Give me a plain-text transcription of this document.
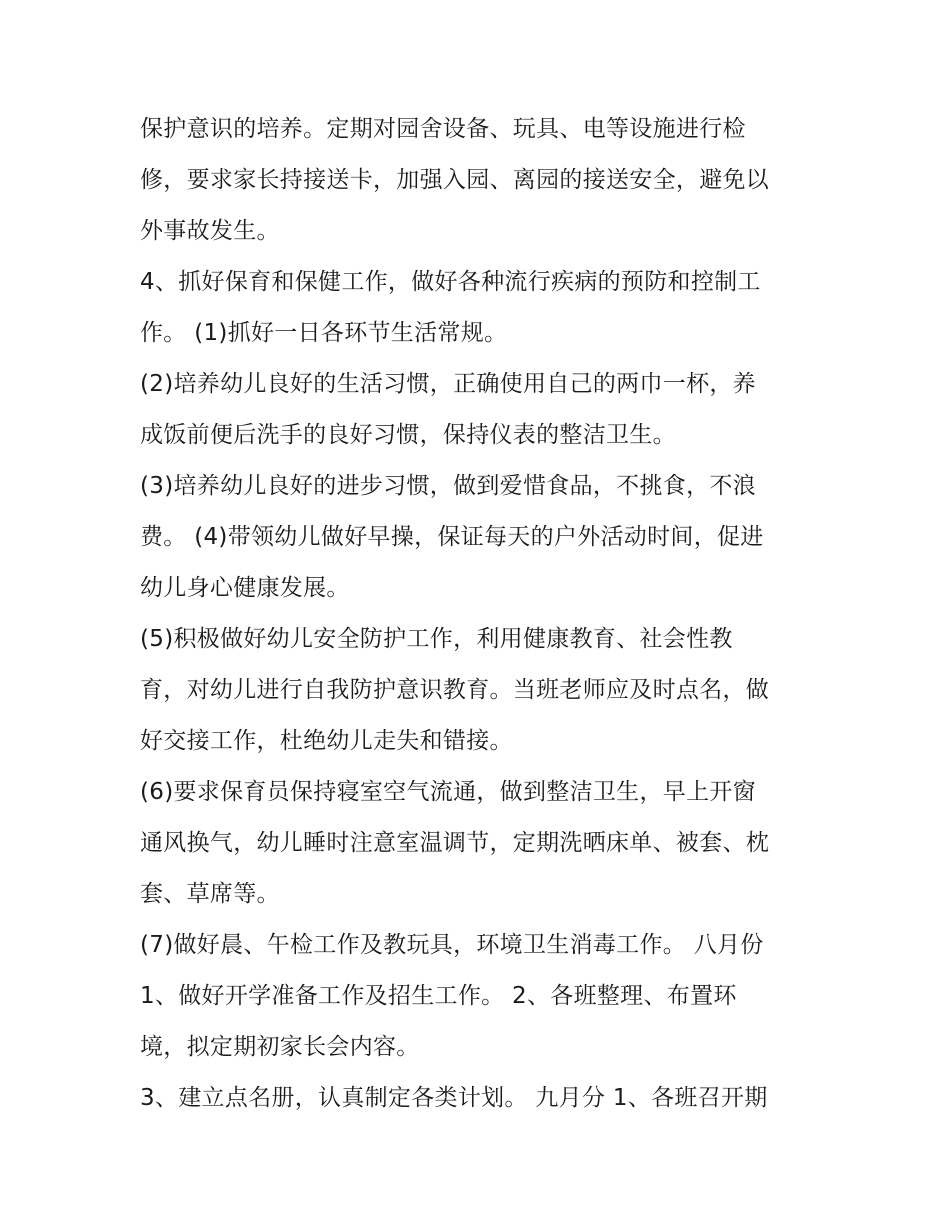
保护意识的培养。定期对园舍设备、玩具、电等设施进行检
修，要求家长持接送卡，加强入园、离园的接送安全，避免以
外事故发生。
4、抓好保育和保健工作，做好各种流行疾病的预防和控制工
作。 (1)抓好一日各环节生活常规。
(2)培养幼儿良好的生活习惯，正确使用自己的两巾一杯，养
成饭前便后洗手的良好习惯，保持仪表的整洁卫生。
(3)培养幼儿良好的进步习惯，做到爱惜食品，不挑食，不浪
费。 (4)带领幼儿做好早操，保证每天的户外活动时间，促进
幼儿身心健康发展。
(5)积极做好幼儿安全防护工作，利用健康教育、社会性教
育，对幼儿进行自我防护意识教育。当班老师应及时点名，做
好交接工作，杜绝幼儿走失和错接。
(6)要求保育员保持寝室空气流通，做到整洁卫生，早上开窗
通风换气，幼儿睡时注意室温调节，定期洗晒床单、被套、枕
套、草席等。
(7)做好晨、午检工作及教玩具，环境卫生消毒工作。 八月份
1、做好开学准备工作及招生工作。 2、各班整理、布置环
境，拟定期初家长会内容。
3、建立点名册，认真制定各类计划。 九月分 1、各班召开期
